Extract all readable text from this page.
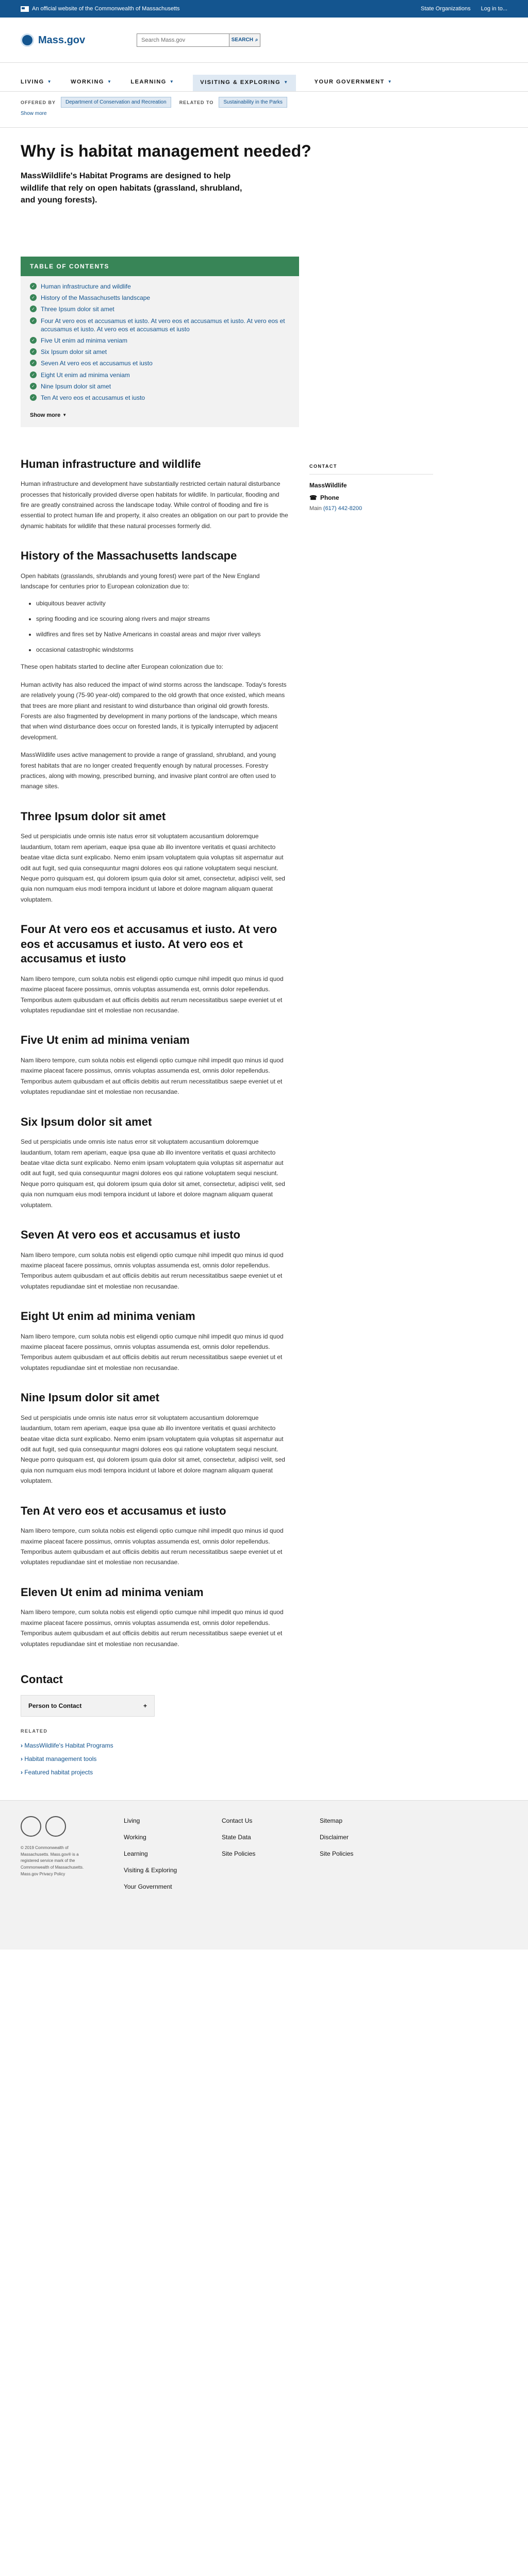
An official website of the Commonwealth of Massachusetts	State Organizations Log in to...
Mass.gov	Search Mass.gov	SEARCH ⌕
LIVING ▼	WORKING ▼	LEARNING ▼	VISITING & EXPLORING ▼	YOUR GOVERNMENT ▼
OFFERED BY	Department of Conservation and Recreation
Show more
RELATED TO	Sustainability in the Parks
Why is habitat management needed?

MassWildlife's Habitat Programs are designed to help wildlife that rely on open habitats (grassland, shrubland, and young forests).

TABLE OF CONTENTS
✓ Human infrastructure and wildlife
✓ History of the Massachusetts landscape
✓ Three Ipsum dolor sit amet
✓ Four At vero eos et accusamus et iusto. At vero eos et accusamus et iusto. At vero eos et accusamus et iusto. At vero eos et accusamus et iusto
✓ Five Ut enim ad minima veniam
✓ Six Ipsum dolor sit amet
✓ Seven At vero eos et accusamus et iusto
✓ Eight Ut enim ad minima veniam
✓ Nine Ipsum dolor sit amet
✓ Ten At vero eos et accusamus et iusto
Show more ▼
Human infrastructure and wildlife

Human infrastructure and development have substantially restricted certain natural disturbance processes that historically provided diverse open habitats for wildlife. In particular, flooding and fire are greatly constrained across the landscape today. While control of flooding and fire is essential to protect human life and property, it also creates an obligation on our part to provide the dynamic habitats for wildlife that these natural processes formerly did.

History of the Massachusetts landscape

Open habitats (grasslands, shrublands and young forest) were part of the New England landscape for centuries prior to European colonization due to:

• ubiquitous beaver activity
• spring flooding and ice scouring along rivers and major streams
• wildfires and fires set by Native Americans in coastal areas and major river valleys
• occasional catastrophic windstorms

These open habitats started to decline after European colonization due to:

Human activity has also reduced the impact of wind storms across the landscape. Today's forests are relatively young (75-90 year-old) compared to the old growth that once existed, which means that trees are more pliant and resistant to wind disturbance than original old growth forests. Forests are also fragmented by development in many portions of the landscape, which means that when wind disturbance does occur on forested lands, it is typically interrupted by adjacent development.

MassWildlife uses active management to provide a range of grassland, shrubland, and young forest habitats that are no longer created frequently enough by natural processes. Forestry practices, along with mowing, prescribed burning, and invasive plant control are often used to manage sites.

Three Ipsum dolor sit amet

Sed ut perspiciatis unde omnis iste natus error sit voluptatem accusantium doloremque laudantium, totam rem aperiam, eaque ipsa quae ab illo inventore veritatis et quasi architecto beatae vitae dicta sunt explicabo. Nemo enim ipsam voluptatem quia voluptas sit aspernatur aut odit aut fugit, sed quia consequuntur magni dolores eos qui ratione voluptatem sequi nesciunt. Neque porro quisquam est, qui dolorem ipsum quia dolor sit amet, consectetur, adipisci velit, sed quia non numquam eius modi tempora incidunt ut labore et dolore magnam aliquam quaerat voluptatem.

Four At vero eos et accusamus et iusto. At vero eos et accusamus et iusto. At vero eos et accusamus et iusto

Nam libero tempore, cum soluta nobis est eligendi optio cumque nihil impedit quo minus id quod maxime placeat facere possimus, omnis voluptas assumenda est, omnis dolor repellendus. Temporibus autem quibusdam et aut officiis debitis aut rerum necessitatibus saepe eveniet ut et voluptates repudiandae sint et molestiae non recusandae.

Five Ut enim ad minima veniam

Nam libero tempore, cum soluta nobis est eligendi optio cumque nihil impedit quo minus id quod maxime placeat facere possimus, omnis voluptas assumenda est, omnis dolor repellendus. Temporibus autem quibusdam et aut officiis debitis aut rerum necessitatibus saepe eveniet ut et voluptates repudiandae sint et molestiae non recusandae.

Six Ipsum dolor sit amet

Sed ut perspiciatis unde omnis iste natus error sit voluptatem accusantium doloremque laudantium, totam rem aperiam, eaque ipsa quae ab illo inventore veritatis et quasi architecto beatae vitae dicta sunt explicabo. Nemo enim ipsam voluptatem quia voluptas sit aspernatur aut odit aut fugit, sed quia consequuntur magni dolores eos qui ratione voluptatem sequi nesciunt. Neque porro quisquam est, qui dolorem ipsum quia dolor sit amet, consectetur, adipisci velit, sed quia non numquam eius modi tempora incidunt ut labore et dolore magnam aliquam quaerat voluptatem.

Seven At vero eos et accusamus et iusto

Nam libero tempore, cum soluta nobis est eligendi optio cumque nihil impedit quo minus id quod maxime placeat facere possimus, omnis voluptas assumenda est, omnis dolor repellendus. Temporibus autem quibusdam et aut officiis debitis aut rerum necessitatibus saepe eveniet ut et voluptates repudiandae sint et molestiae non recusandae.

Eight Ut enim ad minima veniam

Nam libero tempore, cum soluta nobis est eligendi optio cumque nihil impedit quo minus id quod maxime placeat facere possimus, omnis voluptas assumenda est, omnis dolor repellendus. Temporibus autem quibusdam et aut officiis debitis aut rerum necessitatibus saepe eveniet ut et voluptates repudiandae sint et molestiae non recusandae.

Nine Ipsum dolor sit amet

Sed ut perspiciatis unde omnis iste natus error sit voluptatem accusantium doloremque laudantium, totam rem aperiam, eaque ipsa quae ab illo inventore veritatis et quasi architecto beatae vitae dicta sunt explicabo. Nemo enim ipsam voluptatem quia voluptas sit aspernatur aut odit aut fugit, sed quia consequuntur magni dolores eos qui ratione voluptatem sequi nesciunt. Neque porro quisquam est, qui dolorem ipsum quia dolor sit amet, consectetur, adipisci velit, sed quia non numquam eius modi tempora incidunt ut labore et dolore magnam aliquam quaerat voluptatem.

Ten At vero eos et accusamus et iusto

Nam libero tempore, cum soluta nobis est eligendi optio cumque nihil impedit quo minus id quod maxime placeat facere possimus, omnis voluptas assumenda est, omnis dolor repellendus. Temporibus autem quibusdam et aut officiis debitis aut rerum necessitatibus saepe eveniet ut et voluptates repudiandae sint et molestiae non recusandae.

Eleven Ut enim ad minima veniam

Nam libero tempore, cum soluta nobis est eligendi optio cumque nihil impedit quo minus id quod maxime placeat facere possimus, omnis voluptas assumenda est, omnis dolor repellendus. Temporibus autem quibusdam et aut officiis debitis aut rerum necessitatibus saepe eveniet ut et voluptates repudiandae sint et molestiae non recusandae.

CONTACT
MassWildlife
☎ Phone
Main (617) 442-8200
Contact
Person to Contact	+
RELATED
› MassWildlife's Habitat Programs
› Habitat management tools
› Featured habitat projects
© 2019 Commonwealth of Massachusetts. Mass.gov® is a registered service mark of the Commonwealth of Massachusetts. Mass.gov Privacy Policy
Living
Working
Learning
Visiting & Exploring
Your Government
Contact Us
State Data
Site Policies
Sitemap
Disclaimer
Site Policies
